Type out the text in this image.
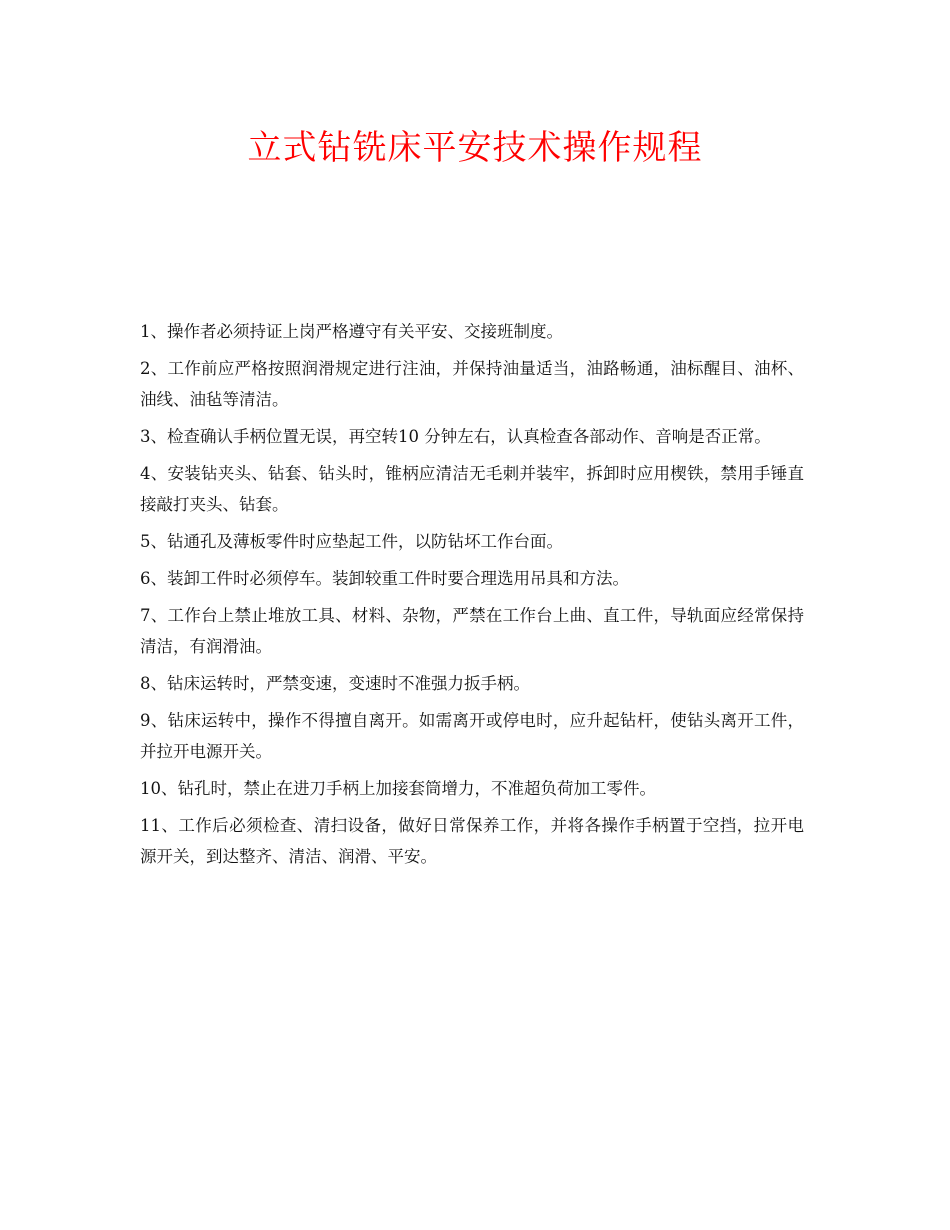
立式钻铣床平安技术操作规程
1、操作者必须持证上岗严格遵守有关平安、交接班制度。
2、工作前应严格按照润滑规定进行注油，并保持油量适当，油路畅通，油标醒目、油杯、油线、油毡等清洁。
3、检查确认手柄位置无误，再空转10 分钟左右，认真检查各部动作、音响是否正常。
4、安装钻夹头、钻套、钻头时，锥柄应清洁无毛刺并装牢，拆卸时应用楔铁，禁用手锤直接敲打夹头、钻套。
5、钻通孔及薄板零件时应垫起工件，以防钻坏工作台面。
6、装卸工件时必须停车。装卸较重工件时要合理选用吊具和方法。
7、工作台上禁止堆放工具、材料、杂物，严禁在工作台上曲、直工件，导轨面应经常保持清洁，有润滑油。
8、钻床运转时，严禁变速，变速时不准强力扳手柄。
9、钻床运转中，操作不得擅自离开。如需离开或停电时，应升起钻杆，使钻头离开工件，并拉开电源开关。
10、钻孔时，禁止在进刀手柄上加接套筒增力，不准超负荷加工零件。
11、工作后必须检查、清扫设备，做好日常保养工作，并将各操作手柄置于空挡，拉开电源开关，到达整齐、清洁、润滑、平安。
